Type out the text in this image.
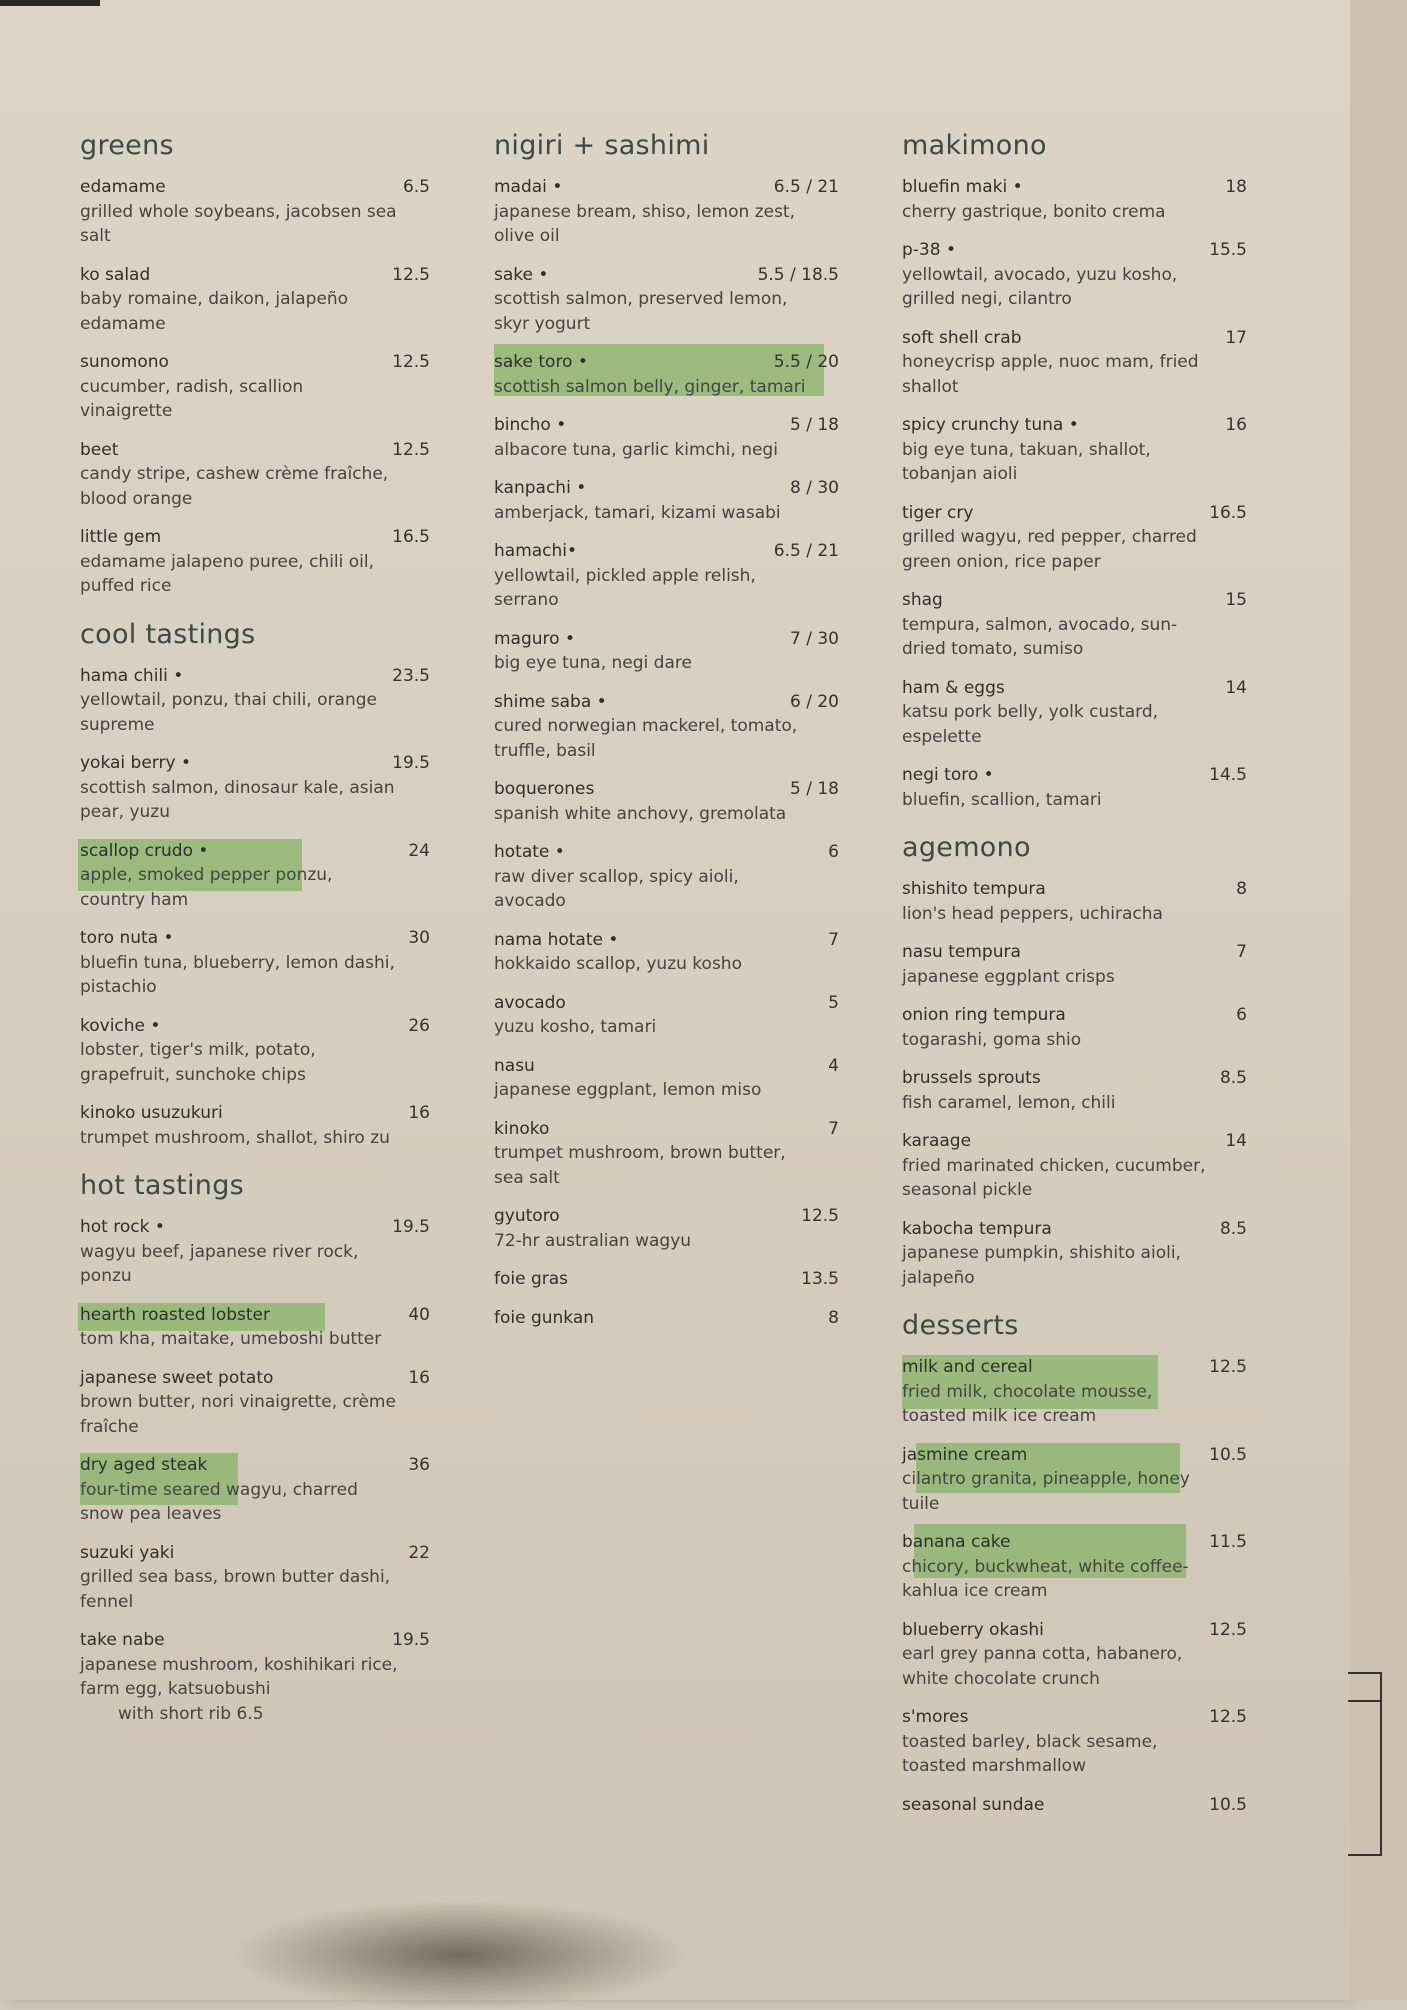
greens
edamame	6.5
grilled whole soybeans, jacobsen sea salt
ko salad	12.5
baby romaine, daikon, jalapeño edamame
sunomono	12.5
cucumber, radish, scallion vinaigrette
beet	12.5
candy stripe, cashew crème fraîche, blood orange
little gem	16.5
edamame jalapeno puree, chili oil, puffed rice
cool tastings
hama chili •	23.5
yellowtail, ponzu, thai chili, orange supreme
yokai berry •	19.5
scottish salmon, dinosaur kale, asian pear, yuzu
scallop crudo •	24
apple, smoked pepper ponzu, country ham
toro nuta •	30
bluefin tuna, blueberry, lemon dashi, pistachio
koviche •	26
lobster, tiger's milk, potato, grapefruit, sunchoke chips
kinoko usuzukuri	16
trumpet mushroom, shallot, shiro zu
hot tastings
hot rock •	19.5
wagyu beef, japanese river rock, ponzu
hearth roasted lobster	40
tom kha, maitake, umeboshi butter
japanese sweet potato	16
brown butter, nori vinaigrette, crème fraîche
dry aged steak	36
four-time seared wagyu, charred snow pea leaves
suzuki yaki	22
grilled sea bass, brown butter dashi, fennel
take nabe	19.5
japanese mushroom, koshihikari rice, farm egg, katsuobushi
with short rib 6.5
nigiri + sashimi
madai •	6.5 / 21
japanese bream, shiso, lemon zest, olive oil
sake •	5.5 / 18.5
scottish salmon, preserved lemon, skyr yogurt
sake toro •	5.5 / 20
scottish salmon belly, ginger, tamari
bincho •	5 / 18
albacore tuna, garlic kimchi, negi
kanpachi •	8 / 30
amberjack, tamari, kizami wasabi
hamachi•	6.5 / 21
yellowtail, pickled apple relish, serrano
maguro •	7 / 30
big eye tuna, negi dare
shime saba •	6 / 20
cured norwegian mackerel, tomato, truffle, basil
boquerones	5 / 18
spanish white anchovy, gremolata
hotate •	6
raw diver scallop, spicy aioli, avocado
nama hotate •	7
hokkaido scallop, yuzu kosho
avocado	5
yuzu kosho, tamari
nasu	4
japanese eggplant, lemon miso
kinoko	7
trumpet mushroom, brown butter, sea salt
gyutoro	12.5
72-hr australian wagyu
foie gras	13.5
foie gunkan	8
makimono
bluefin maki •	18
cherry gastrique, bonito crema
p-38 •	15.5
yellowtail, avocado, yuzu kosho, grilled negi, cilantro
soft shell crab	17
honeycrisp apple, nuoc mam, fried shallot
spicy crunchy tuna •	16
big eye tuna, takuan, shallot, tobanjan aioli
tiger cry	16.5
grilled wagyu, red pepper, charred green onion, rice paper
shag	15
tempura, salmon, avocado, sun-dried tomato, sumiso
ham & eggs	14
katsu pork belly, yolk custard, espelette
negi toro •	14.5
bluefin, scallion, tamari
agemono
shishito tempura	8
lion's head peppers, uchiracha
nasu tempura	7
japanese eggplant crisps
onion ring tempura	6
togarashi, goma shio
brussels sprouts	8.5
fish caramel, lemon, chili
karaage	14
fried marinated chicken, cucumber, seasonal pickle
kabocha tempura	8.5
japanese pumpkin, shishito aioli, jalapeño
desserts
milk and cereal	12.5
fried milk, chocolate mousse, toasted milk ice cream
jasmine cream	10.5
cilantro granita, pineapple, honey tuile
banana cake	11.5
chicory, buckwheat, white coffee-kahlua ice cream
blueberry okashi	12.5
earl grey panna cotta, habanero, white chocolate crunch
s'mores	12.5
toasted barley, black sesame, toasted marshmallow
seasonal sundae	10.5
